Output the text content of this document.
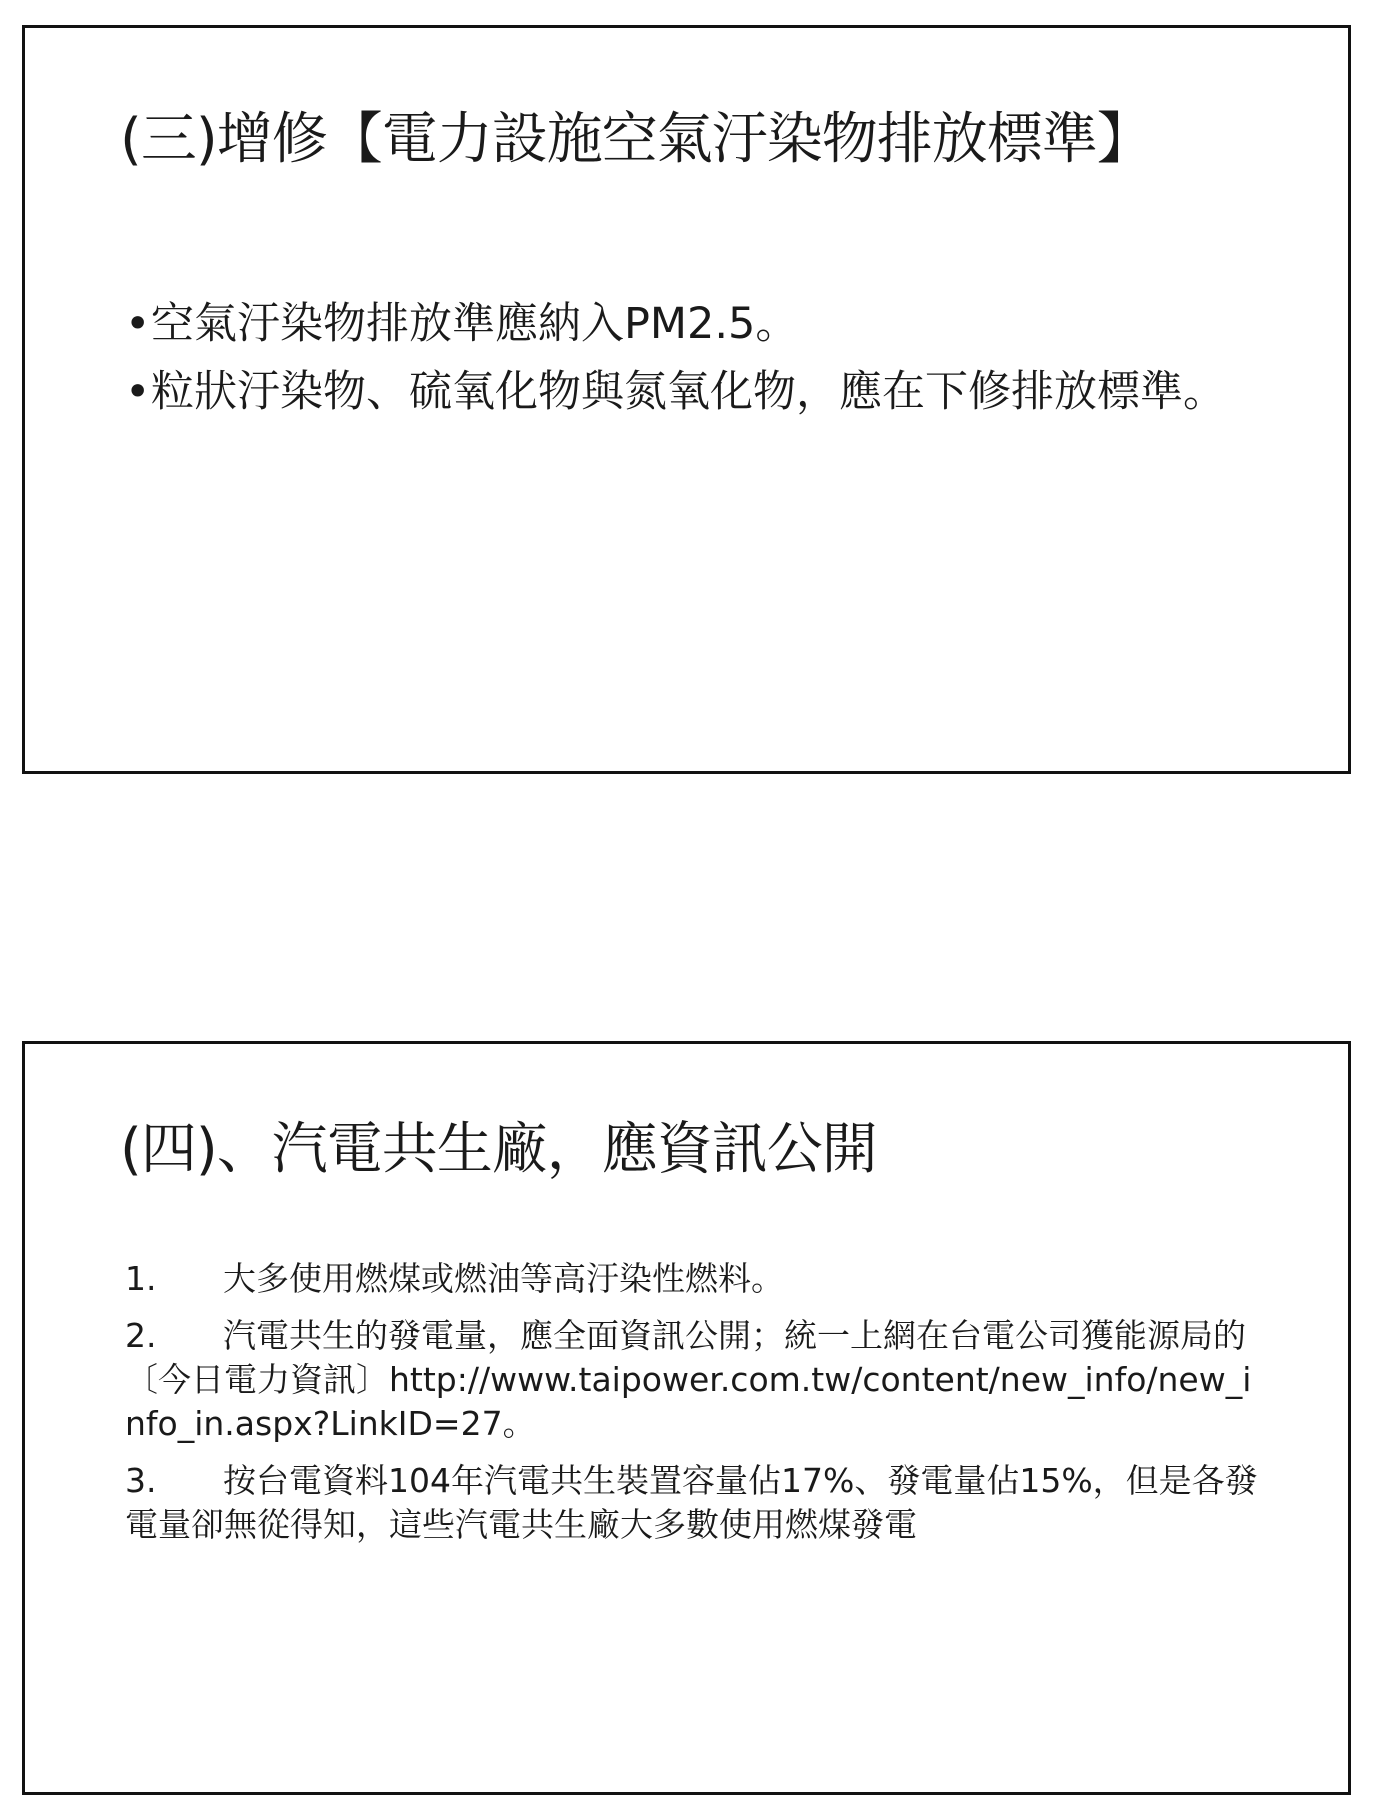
(三)增修【電力設施空氣汙染物排放標準】
• 空氣汙染物排放準應納入PM2.5。
• 粒狀汙染物、硫氧化物與氮氧化物，應在下修排放標準。
(四)、汽電共生廠，應資訊公開
1. 大多使用燃煤或燃油等高汙染性燃料。
2. 汽電共生的發電量，應全面資訊公開；統一上網在台電公司獲能源局的〔今日電力資訊〕http://www.taipower.com.tw/content/new_info/new_info_in.aspx?LinkID=27。
3. 按台電資料104年汽電共生裝置容量佔17%、發電量佔15%，但是各發電量卻無從得知，這些汽電共生廠大多數使用燃煤發電
